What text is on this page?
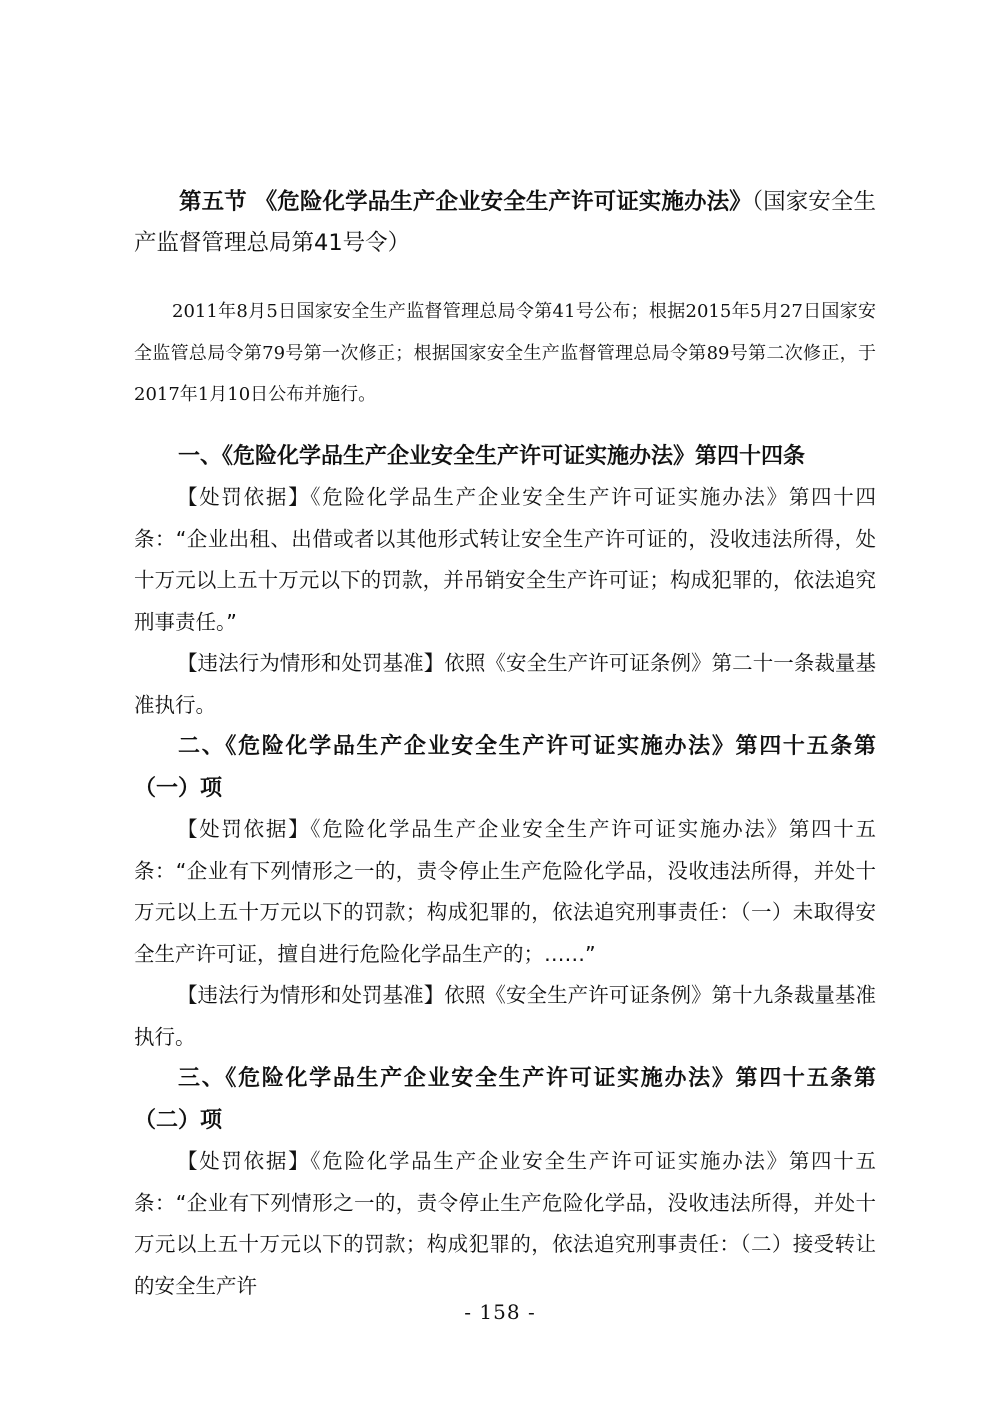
第五节 《危险化学品生产企业安全生产许可证实施办法》（国家安全生产监督管理总局第41号令）

2011年8月5日国家安全生产监督管理总局令第41号公布；根据2015年5月27日国家安全监管总局令第79号第一次修正；根据国家安全生产监督管理总局令第89号第二次修正，于2017年1月10日公布并施行。

一、《危险化学品生产企业安全生产许可证实施办法》第四十四条

【处罚依据】《危险化学品生产企业安全生产许可证实施办法》第四十四条：“企业出租、出借或者以其他形式转让安全生产许可证的，没收违法所得，处十万元以上五十万元以下的罚款，并吊销安全生产许可证；构成犯罪的，依法追究刑事责任。”

【违法行为情形和处罚基准】依照《安全生产许可证条例》第二十一条裁量基准执行。

二、《危险化学品生产企业安全生产许可证实施办法》第四十五条第（一）项

【处罚依据】《危险化学品生产企业安全生产许可证实施办法》第四十五条：“企业有下列情形之一的，责令停止生产危险化学品，没收违法所得，并处十万元以上五十万元以下的罚款；构成犯罪的，依法追究刑事责任：（一）未取得安全生产许可证，擅自进行危险化学品生产的；……”

【违法行为情形和处罚基准】依照《安全生产许可证条例》第十九条裁量基准执行。

三、《危险化学品生产企业安全生产许可证实施办法》第四十五条第（二）项

【处罚依据】《危险化学品生产企业安全生产许可证实施办法》第四十五条：“企业有下列情形之一的，责令停止生产危险化学品，没收违法所得，并处十万元以上五十万元以下的罚款；构成犯罪的，依法追究刑事责任：（二）接受转让的安全生产许

- 158 -
